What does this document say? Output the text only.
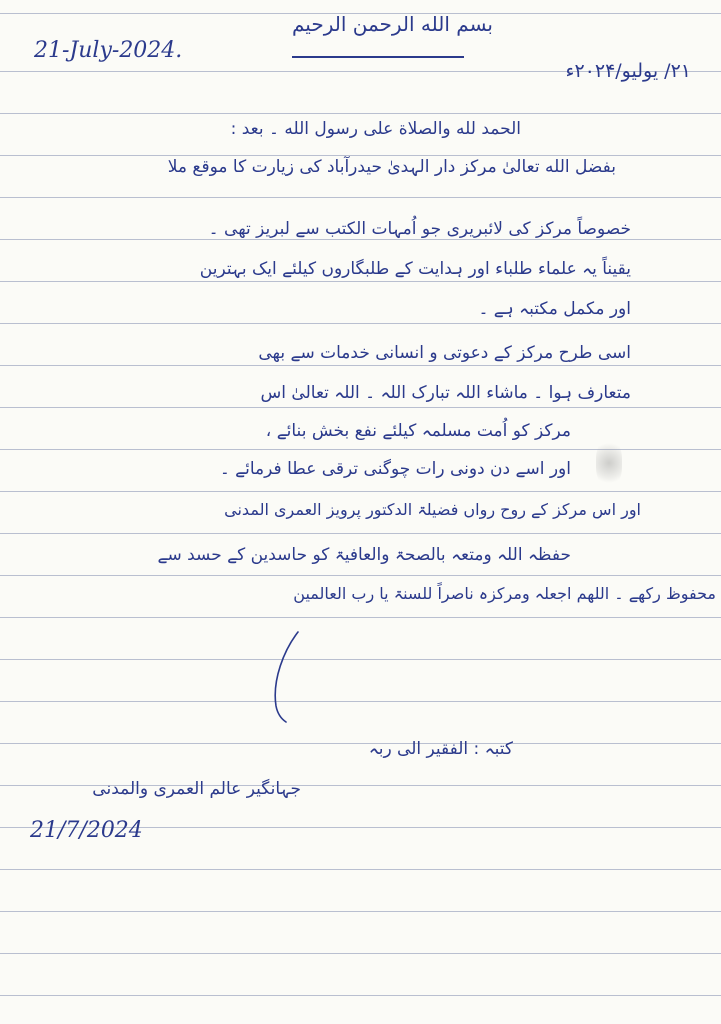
بسم الله الرحمن الرحيم
21-July-2024.
۲۱/ یولیو/۲۰۲۴ء
الحمد لله والصلاة على رسول الله ۔ بعد :
بفضل الله تعالیٰ مرکز دار الہدیٰ حیدرآباد کی زیارت کا موقع ملا
خصوصاً مرکز کی لائبریری جو اُمہات الکتب سے لبریز تھی ۔
یقیناً یہ علماء طلباء اور ہدایت کے طلبگاروں کیلئے ایک بہترین
اور مکمل مکتبہ ہے ۔
اسی طرح مرکز کے دعوتی و انسانی خدمات سے بھی
متعارف ہوا ۔ ماشاء اللہ تبارک اللہ ۔ اللہ تعالیٰ اس
مرکز کو اُمت مسلمہ کیلئے نفع بخش بنائے ،
اور اسے دن دونی رات چوگنی ترقی عطا فرمائے ۔
اور اس مرکز کے روح رواں فضیلۃ الدکتور پرویز العمری المدنی
حفظہ اللہ ومتعہ بالصحۃ والعافیۃ کو حاسدین کے حسد سے
محفوظ رکھے ۔ اللھم اجعلہ ومرکزہ ناصراً للسنۃ یا رب العالمین
کتبہ : الفقیر الی ربہ
جہانگیر عالم العمری والمدنی
21/7/2024
